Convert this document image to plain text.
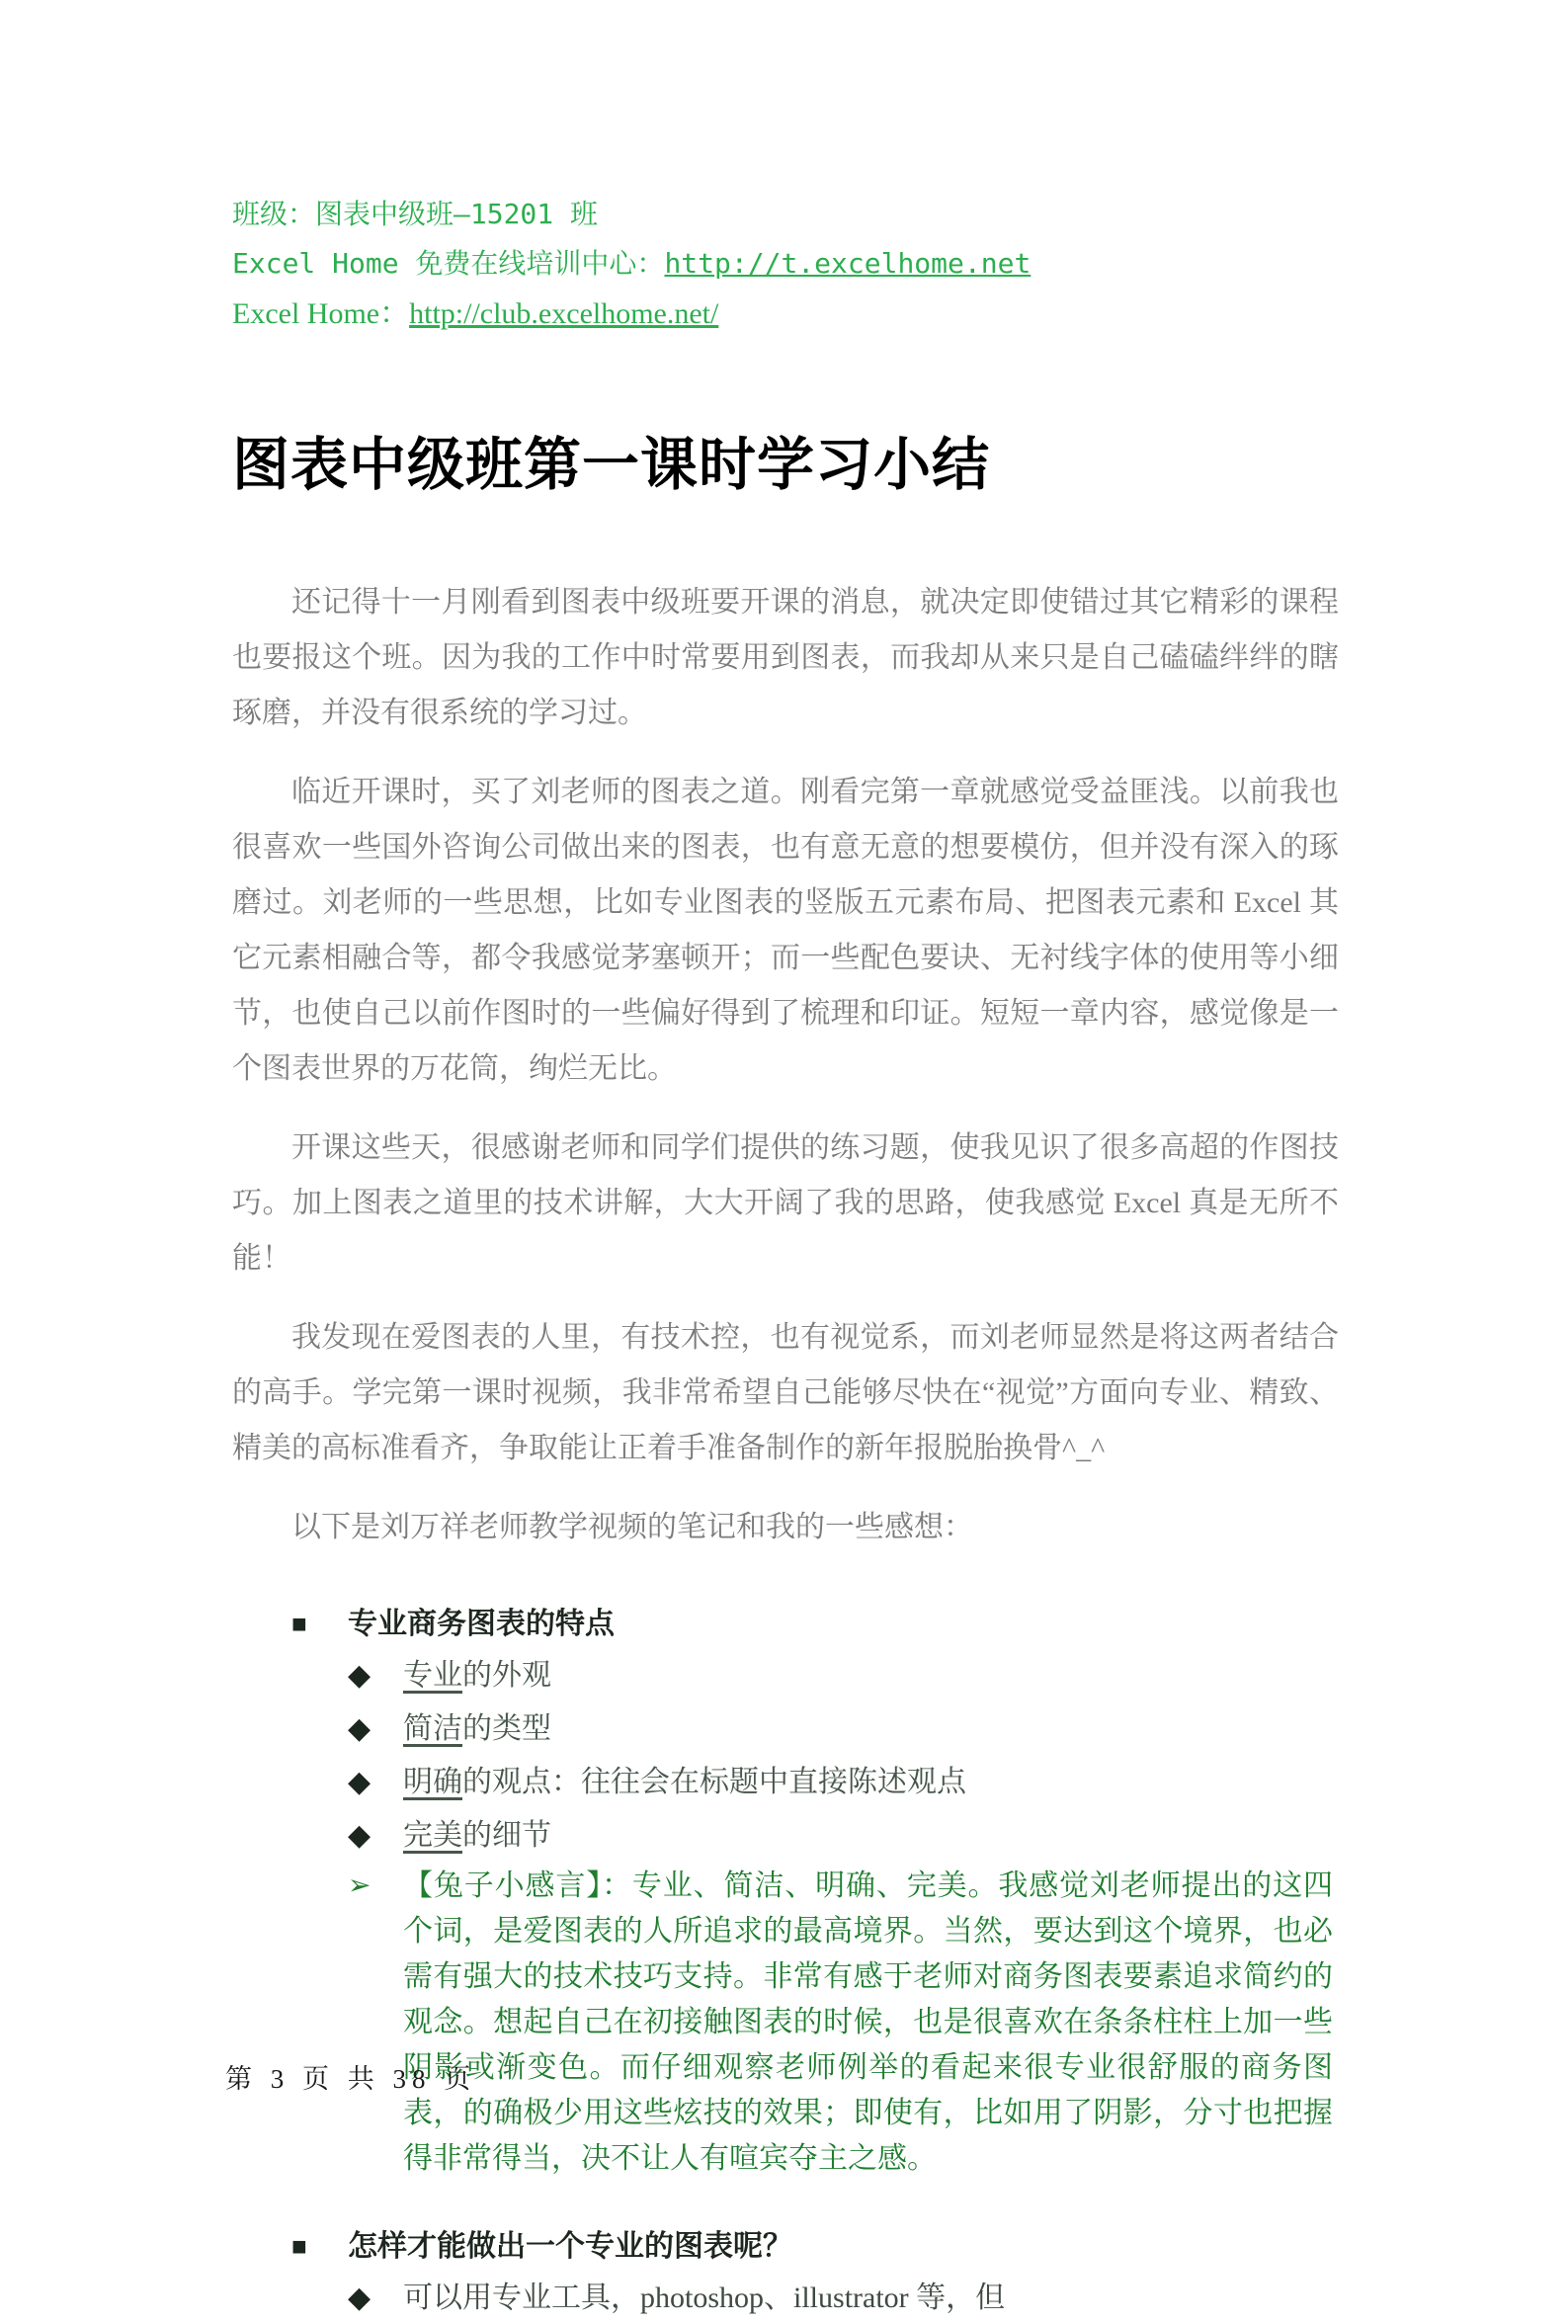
班级：图表中级班—15201 班
Excel Home 免费在线培训中心：http://t.excelhome.net
Excel Home：http://club.excelhome.net/
图表中级班第一课时学习小结

还记得十一月刚看到图表中级班要开课的消息，就决定即使错过其它精彩的课程也要报这个班。因为我的工作中时常要用到图表，而我却从来只是自己磕磕绊绊的瞎琢磨，并没有很系统的学习过。

临近开课时，买了刘老师的图表之道。刚看完第一章就感觉受益匪浅。以前我也很喜欢一些国外咨询公司做出来的图表，也有意无意的想要模仿，但并没有深入的琢磨过。刘老师的一些思想，比如专业图表的竖版五元素布局、把图表元素和 Excel 其它元素相融合等，都令我感觉茅塞顿开；而一些配色要诀、无衬线字体的使用等小细节，也使自己以前作图时的一些偏好得到了梳理和印证。短短一章内容，感觉像是一个图表世界的万花筒，绚烂无比。

开课这些天，很感谢老师和同学们提供的练习题，使我见识了很多高超的作图技巧。加上图表之道里的技术讲解，大大开阔了我的思路，使我感觉 Excel 真是无所不能！

我发现在爱图表的人里，有技术控，也有视觉系，而刘老师显然是将这两者结合的高手。学完第一课时视频，我非常希望自己能够尽快在“视觉”方面向专业、精致、精美的高标准看齐，争取能让正着手准备制作的新年报脱胎换骨^_^

以下是刘万祥老师教学视频的笔记和我的一些感想：

■	专业商务图表的特点
◆	专业的外观
◆	简洁的类型
◆	明确的观点：往往会在标题中直接陈述观点
◆	完美的细节
➢	【兔子小感言】：专业、简洁、明确、完美。我感觉刘老师提出的这四个词，是爱图表的人所追求的最高境界。当然，要达到这个境界，也必需有强大的技术技巧支持。非常有感于老师对商务图表要素追求简约的观念。想起自己在初接触图表的时候，也是很喜欢在条条柱柱上加一些阴影或渐变色。而仔细观察老师例举的看起来很专业很舒服的商务图表，的确极少用这些炫技的效果；即使有，比如用了阴影，分寸也把握得非常得当，决不让人有喧宾夺主之感。
■	怎样才能做出一个专业的图表呢？
◆	可以用专业工具，photoshop、illustrator 等，但
第 3 页 共 38 页
